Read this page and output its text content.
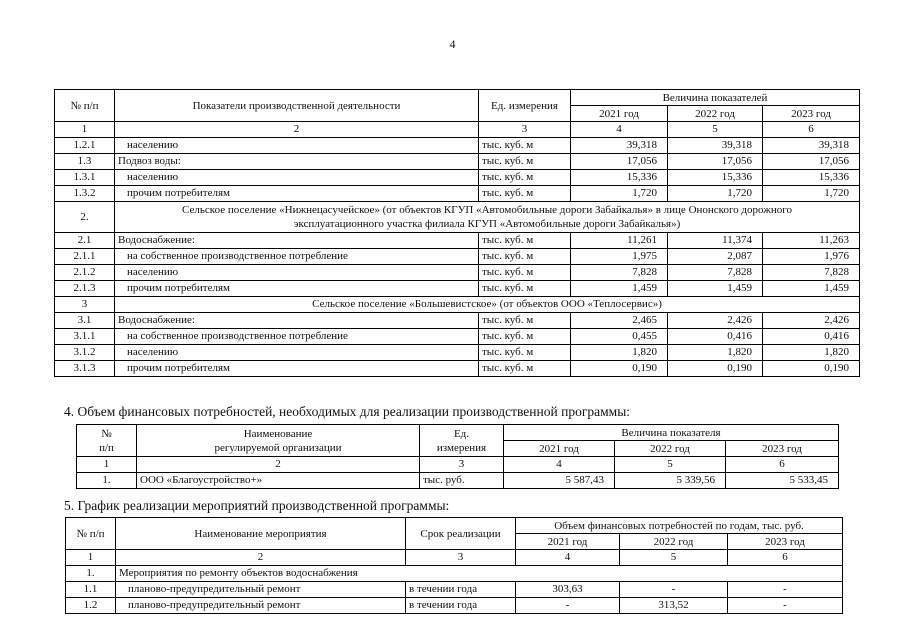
4
№ п/п	Показатели производственной деятельности	Ед. измерения	Величина показателей		
			2021 год	2022 год	2023 год
1	2	3	4	5	6
1.2.1	населению	тыс. куб. м	39,318	39,318	39,318
1.3	Подвоз воды:	тыс. куб. м	17,056	17,056	17,056
1.3.1	населению	тыс. куб. м	15,336	15,336	15,336
1.3.2	прочим потребителям	тыс. куб. м	1,720	1,720	1,720
2.	Сельское поселение «Нижнецасучейское» (от объектов КГУП «Автомобильные дороги Забайкалья» в лице Ононского дорожного
эксплуатационного участка филиала КГУП «Автомобильные дороги Забайкалья»)				
2.1	Водоснабжение:	тыс. куб. м	11,261	11,374	11,263
2.1.1	на собственное производственное потребление	тыс. куб. м	1,975	2,087	1,976
2.1.2	населению	тыс. куб. м	7,828	7,828	7,828
2.1.3	прочим потребителям	тыс. куб. м	1,459	1,459	1,459
3	Сельское поселение «Большевистское» (от объектов ООО «Теплосервис»)				
3.1	Водоснабжение:	тыс. куб. м	2,465	2,426	2,426
3.1.1	на собственное производственное потребление	тыс. куб. м	0,455	0,416	0,416
3.1.2	населению	тыс. куб. м	1,820	1,820	1,820
3.1.3	прочим потребителям	тыс. куб. м	0,190	0,190	0,190
4. Объем финансовых потребностей, необходимых для реализации производственной программы:
№
п/п	Наименование
регулируемой организации	Ед.
измерения	Величина показателя		
			2021 год	2022 год	2023 год
1	2	3	4	5	6
1.	ООО «Благоустройство+»	тыс. руб.	5 587,43	5 339,56	5 533,45
5. График реализации мероприятий производственной программы:
№ п/п	Наименование мероприятия	Срок реализации	Объем финансовых потребностей по годам, тыс. руб.		
			2021 год	2022 год	2023 год
1	2	3	4	5	6
1.	Мероприятия по ремонту объектов водоснабжения				
1.1	планово-предупредительный ремонт	в течении года	303,63	-	-
1.2	планово-предупредительный ремонт	в течении года	-	313,52	-
